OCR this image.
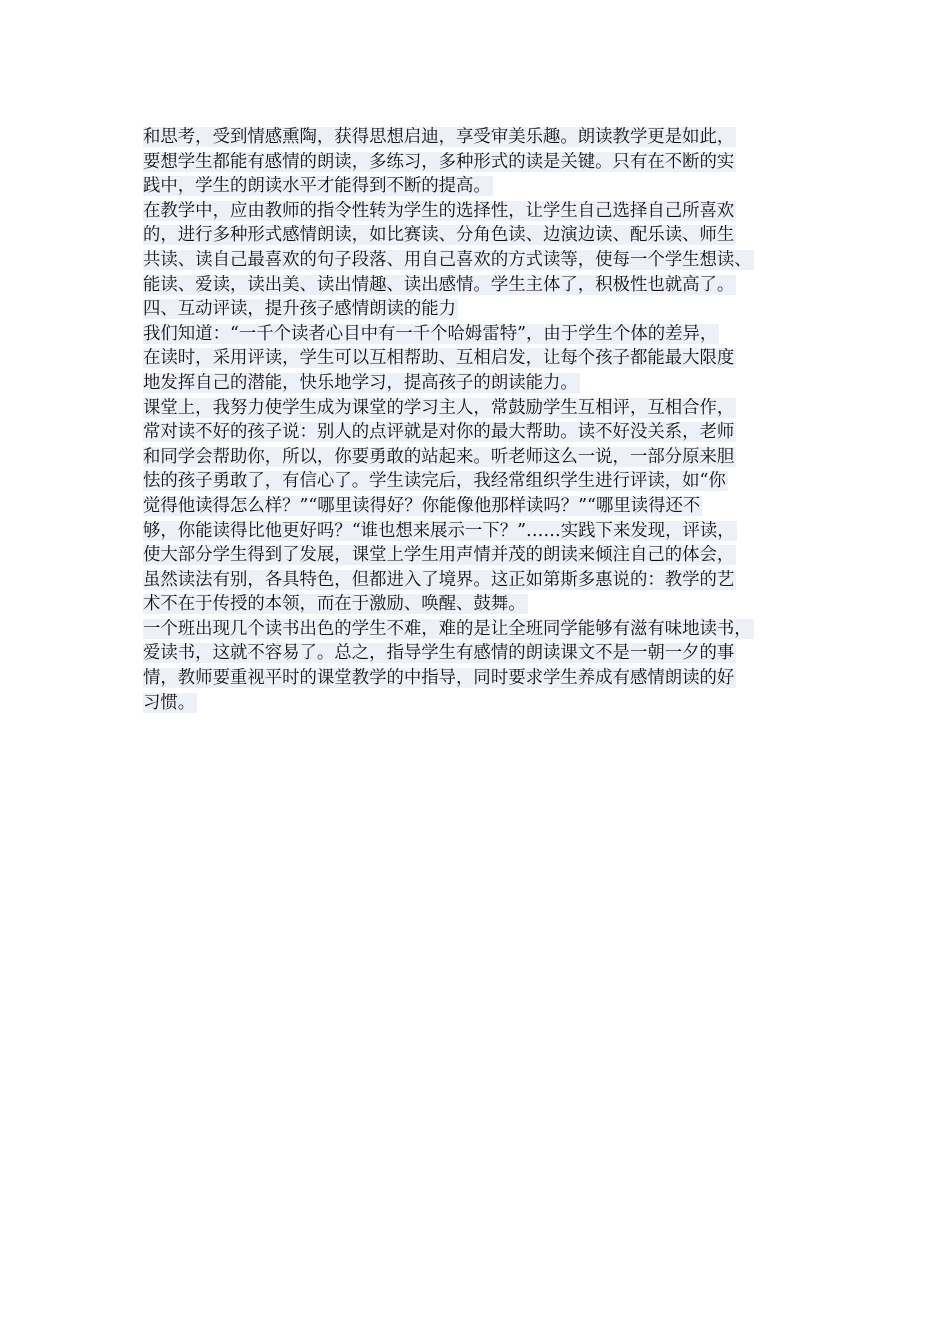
和思考，受到情感熏陶，获得思想启迪，享受审美乐趣。朗读教学更是如此，
要想学生都能有感情的朗读，多练习，多种形式的读是关键。只有在不断的实
践中，学生的朗读水平才能得到不断的提高。
在教学中，应由教师的指令性转为学生的选择性，让学生自己选择自己所喜欢
的，进行多种形式感情朗读，如比赛读、分角色读、边演边读、配乐读、师生
共读、读自己最喜欢的句子段落、用自己喜欢的方式读等，使每一个学生想读、
能读、爱读，读出美、读出情趣、读出感情。学生主体了，积极性也就高了。
四、互动评读，提升孩子感情朗读的能力
我们知道：“一千个读者心目中有一千个哈姆雷特”，由于学生个体的差异，
在读时，采用评读，学生可以互相帮助、互相启发，让每个孩子都能最大限度
地发挥自己的潜能，快乐地学习，提高孩子的朗读能力。
课堂上，我努力使学生成为课堂的学习主人，常鼓励学生互相评，互相合作，
常对读不好的孩子说：别人的点评就是对你的最大帮助。读不好没关系，老师
和同学会帮助你，所以，你要勇敢的站起来。听老师这么一说，一部分原来胆
怯的孩子勇敢了，有信心了。学生读完后，我经常组织学生进行评读，如“你
觉得他读得怎么样？”“哪里读得好？你能像他那样读吗？”“哪里读得还不
够，你能读得比他更好吗？“谁也想来展示一下？”……实践下来发现，评读，
使大部分学生得到了发展，课堂上学生用声情并茂的朗读来倾注自己的体会，
虽然读法有别，各具特色，但都进入了境界。这正如第斯多惠说的：教学的艺
术不在于传授的本领，而在于激励、唤醒、鼓舞。
一个班出现几个读书出色的学生不难，难的是让全班同学能够有滋有味地读书，
爱读书，这就不容易了。总之，指导学生有感情的朗读课文不是一朝一夕的事
情，教师要重视平时的课堂教学的中指导，同时要求学生养成有感情朗读的好
习惯。
